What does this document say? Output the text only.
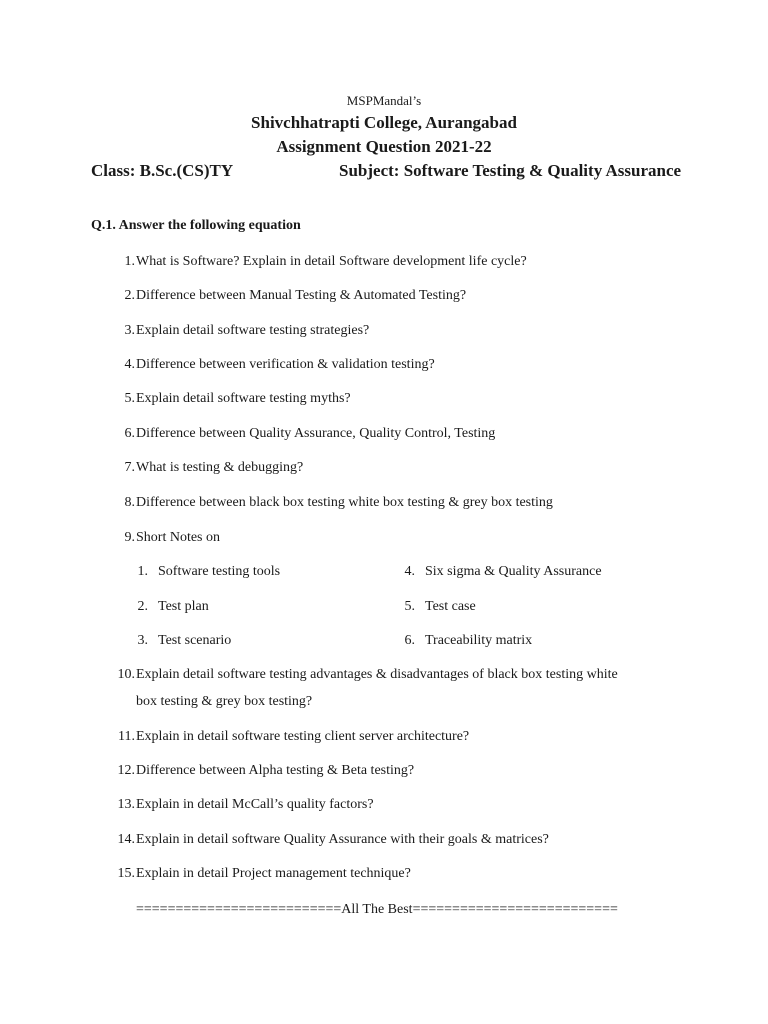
MSPMandal’s
Shivchhatrapti College, Aurangabad
Assignment Question 2021-22
Class: B.Sc.(CS)TY	Subject: Software Testing & Quality Assurance
Q.1. Answer the following equation
1. What is Software? Explain in detail Software development life cycle?
2. Difference between Manual Testing & Automated Testing?
3. Explain detail software testing strategies?
4. Difference between verification & validation testing?
5. Explain detail software testing myths?
6. Difference between Quality Assurance, Quality Control, Testing
7. What is testing & debugging?
8. Difference between black box testing white box testing & grey box testing
9. Short Notes on
1. Software testing tools
2. Test plan
3. Test scenario
4. Six sigma & Quality Assurance
5. Test case
6. Traceability matrix
10. Explain detail software testing advantages & disadvantages of black box testing white
box testing & grey box testing?
11. Explain in detail software testing client server architecture?
12. Difference between Alpha testing & Beta testing?
13. Explain in detail McCall’s quality factors?
14. Explain in detail software Quality Assurance with their goals & matrices?
15. Explain in detail Project management technique?
==========================All The Best==========================
